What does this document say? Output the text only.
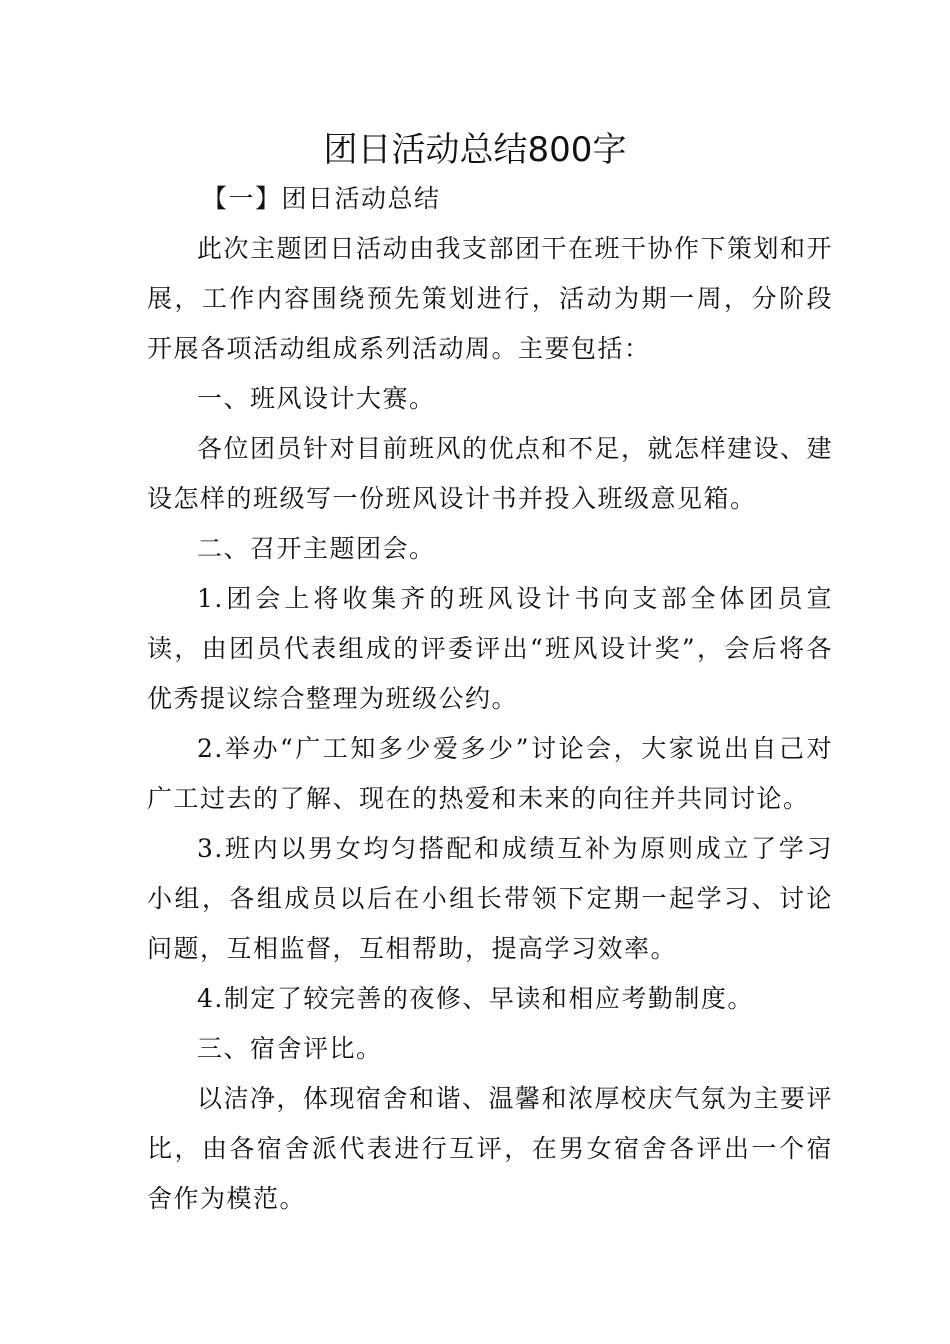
团日活动总结800字

【一】团日活动总结

此次主题团日活动由我支部团干在班干协作下策划和开展，工作内容围绕预先策划进行，活动为期一周，分阶段开展各项活动组成系列活动周。主要包括：

一、班风设计大赛。

各位团员针对目前班风的优点和不足，就怎样建设、建设怎样的班级写一份班风设计书并投入班级意见箱。

二、召开主题团会。

1.团会上将收集齐的班风设计书向支部全体团员宣读，由团员代表组成的评委评出“班风设计奖”，会后将各优秀提议综合整理为班级公约。

2.举办“广工知多少爱多少”讨论会，大家说出自己对广工过去的了解、现在的热爱和未来的向往并共同讨论。

3.班内以男女均匀搭配和成绩互补为原则成立了学习小组，各组成员以后在小组长带领下定期一起学习、讨论问题，互相监督，互相帮助，提高学习效率。

4.制定了较完善的夜修、早读和相应考勤制度。

三、宿舍评比。

以洁净，体现宿舍和谐、温馨和浓厚校庆气氛为主要评比，由各宿舍派代表进行互评，在男女宿舍各评出一个宿舍作为模范。
